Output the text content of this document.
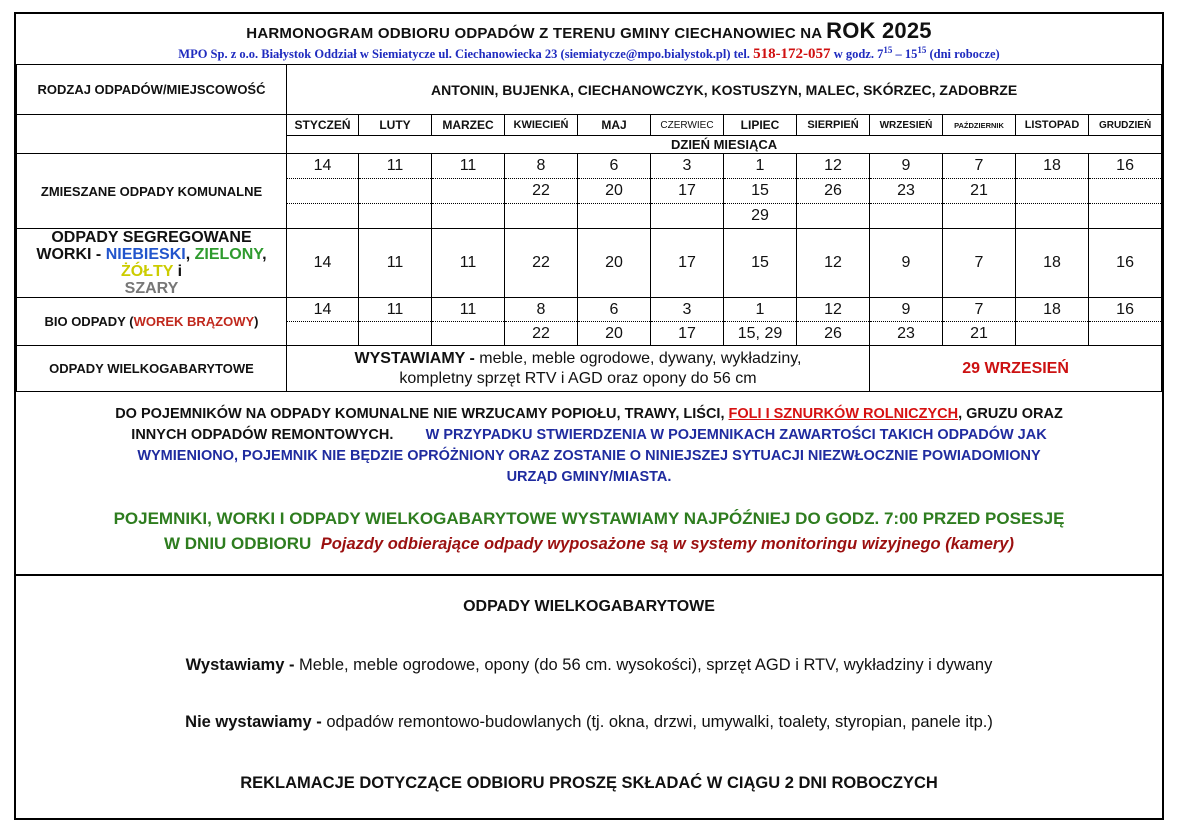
HARMONOGRAM ODBIORU ODPADÓW Z TERENU GMINY CIECHANOWIEC NA ROK 2025
MPO Sp. z o.o. Białystok Oddział w Siemiatycze ul. Ciechanowiecka 23 (siemiatycze@mpo.bialystok.pl) tel. 518-172-057 w godz. $7^{15} - 15^{15}$ (dni robocze)
RODZAJ ODPADÓW/MIEJSCOWOŚĆ	ANTONIN, BUJENKA, CIECHANOWCZYK, KOSTUSZYN, MALEC, SKÓRZEC, ZADOBRZE											
	STYCZEŃ	LUTY	MARZEC	KWIECIEŃ	MAJ	CZERWIEC	LIPIEC	SIERPIEŃ	WRZESIEŃ	PAŹDZIERNIK	LISTOPAD	GRUDZIEŃ
	DZIEŃ MIESIĄCA											
ZMIESZANE ODPADY KOMUNALNE	14	11	11	8	6	3	1	12	9	7	18	16
				22	20	17	15	26	23	21		
							29					

ODPADY SEGREGOWANE
WORKI - NIEBIESKI, ZIELONY, ŻÓŁTY i
SZARY	14	11	11	22	20	17	15	12	9	7	18	16
BIO ODPADY (WOREK BRĄZOWY)	14	11	11	8	6	3	1	12	9	7	18	16
				22	20	17	15, 29	26	23	21		
ODPADY WIELKOGABARYTOWE	WYSTAWIAMY - meble, meble ogrodowe, dywany, wykładziny,
kompletny sprzęt RTV i AGD oraz opony do 56 cm								29 WRZESIEŃ			
DO POJEMNIKÓW NA ODPADY KOMUNALNE NIE WRZUCAMY POPIOŁU, TRAWY, LIŚCI, FOLI I SZNURKÓW ROLNICZYCH, GRUZU ORAZ
INNYCH ODPADÓW REMONTOWYCH. W PRZYPADKU STWIERDZENIA W POJEMNIKACH ZAWARTOŚCI TAKICH ODPADÓW JAK
WYMIENIONO, POJEMNIK NIE BĘDZIE OPRÓŻNIONY ORAZ ZOSTANIE O NINIEJSZEJ SYTUACJI NIEZWŁOCZNIE POWIADOMIONY
URZĄD GMINY/MIASTA.
POJEMNIKI, WORKI I ODPADY WIELKOGABARYTOWE WYSTAWIAMY NAJPÓŹNIEJ DO GODZ. 7:00 PRZED POSESJĘ
W DNIU ODBIORU Pojazdy odbierające odpady wyposażone są w systemy monitoringu wizyjnego (kamery)
ODPADY WIELKOGABARYTOWE
Wystawiamy - Meble, meble ogrodowe, opony (do 56 cm. wysokości), sprzęt AGD i RTV, wykładziny i dywany
Nie wystawiamy - odpadów remontowo-budowlanych (tj. okna, drzwi, umywalki, toalety, styropian, panele itp.)
REKLAMACJE DOTYCZĄCE ODBIORU PROSZĘ SKŁADAĆ W CIĄGU 2 DNI ROBOCZYCH
